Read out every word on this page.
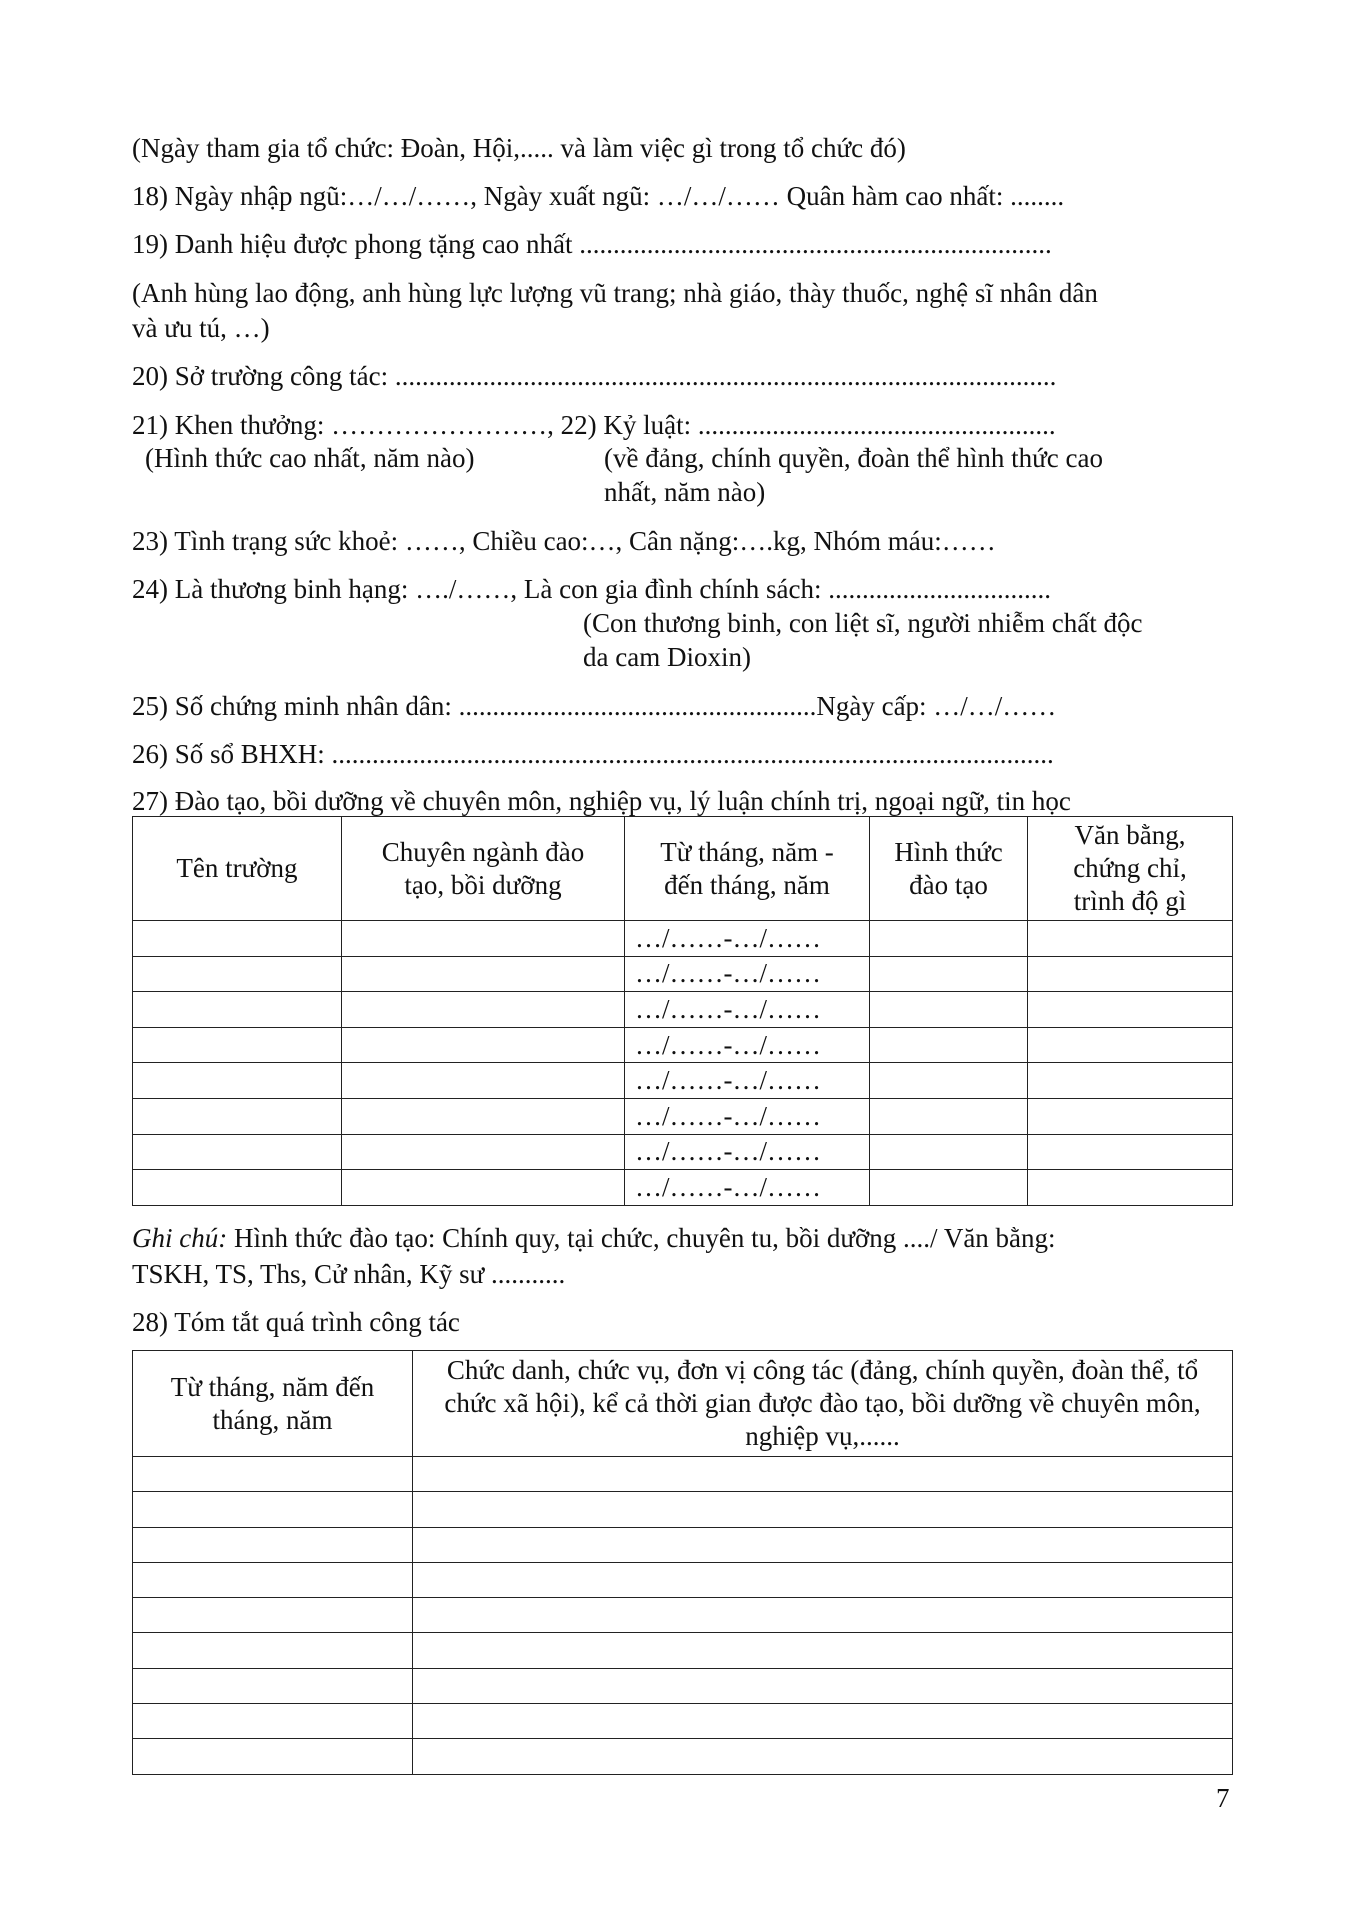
(Ngày tham gia tổ chức: Đoàn, Hội,..... và làm việc gì trong tổ chức đó)
18) Ngày nhập ngũ:…/…/……, Ngày xuất ngũ: …/…/…… Quân hàm cao nhất: ........
19) Danh hiệu được phong tặng cao nhất ......................................................................
(Anh hùng lao động, anh hùng lực lượng vũ trang; nhà giáo, thày thuốc, nghệ sĩ nhân dân
và ưu tú, …)
20) Sở trường công tác: ..................................................................................................
21) Khen thưởng: ……………………, 22) Kỷ luật: .....................................................
(Hình thức cao nhất, năm nào)	(về đảng, chính quyền, đoàn thể hình thức cao
nhất, năm nào)
23) Tình trạng sức khoẻ: ……, Chiều cao:…, Cân nặng:….kg, Nhóm máu:……
24) Là thương binh hạng: …./……, Là con gia đình chính sách: .................................
(Con thương binh, con liệt sĩ, người nhiễm chất độc
da cam Dioxin)
25) Số chứng minh nhân dân: .....................................................Ngày cấp: …/…/……
26) Số sổ BHXH: ...........................................................................................................
27) Đào tạo, bồi dưỡng về chuyên môn, nghiệp vụ, lý luận chính trị, ngoại ngữ, tin học
Tên trường	Chuyên ngành đào tạo, bồi dưỡng	Từ tháng, năm - đến tháng, năm	Hình thức đào tạo	Văn bằng, chứng chỉ, trình độ gì
		…/……-…/……		
		…/……-…/……		
		…/……-…/……		
		…/……-…/……		
		…/……-…/……		
		…/……-…/……		
		…/……-…/……		
		…/……-…/……		
Ghi chú: Hình thức đào tạo: Chính quy, tại chức, chuyên tu, bồi dưỡng ..../ Văn bằng:
TSKH, TS, Ths, Cử nhân, Kỹ sư ...........
28) Tóm tắt quá trình công tác
Từ tháng, năm đến tháng, năm	Chức danh, chức vụ, đơn vị công tác (đảng, chính quyền, đoàn thể, tổ chức xã hội), kể cả thời gian được đào tạo, bồi dưỡng về chuyên môn, nghiệp vụ,......

7
